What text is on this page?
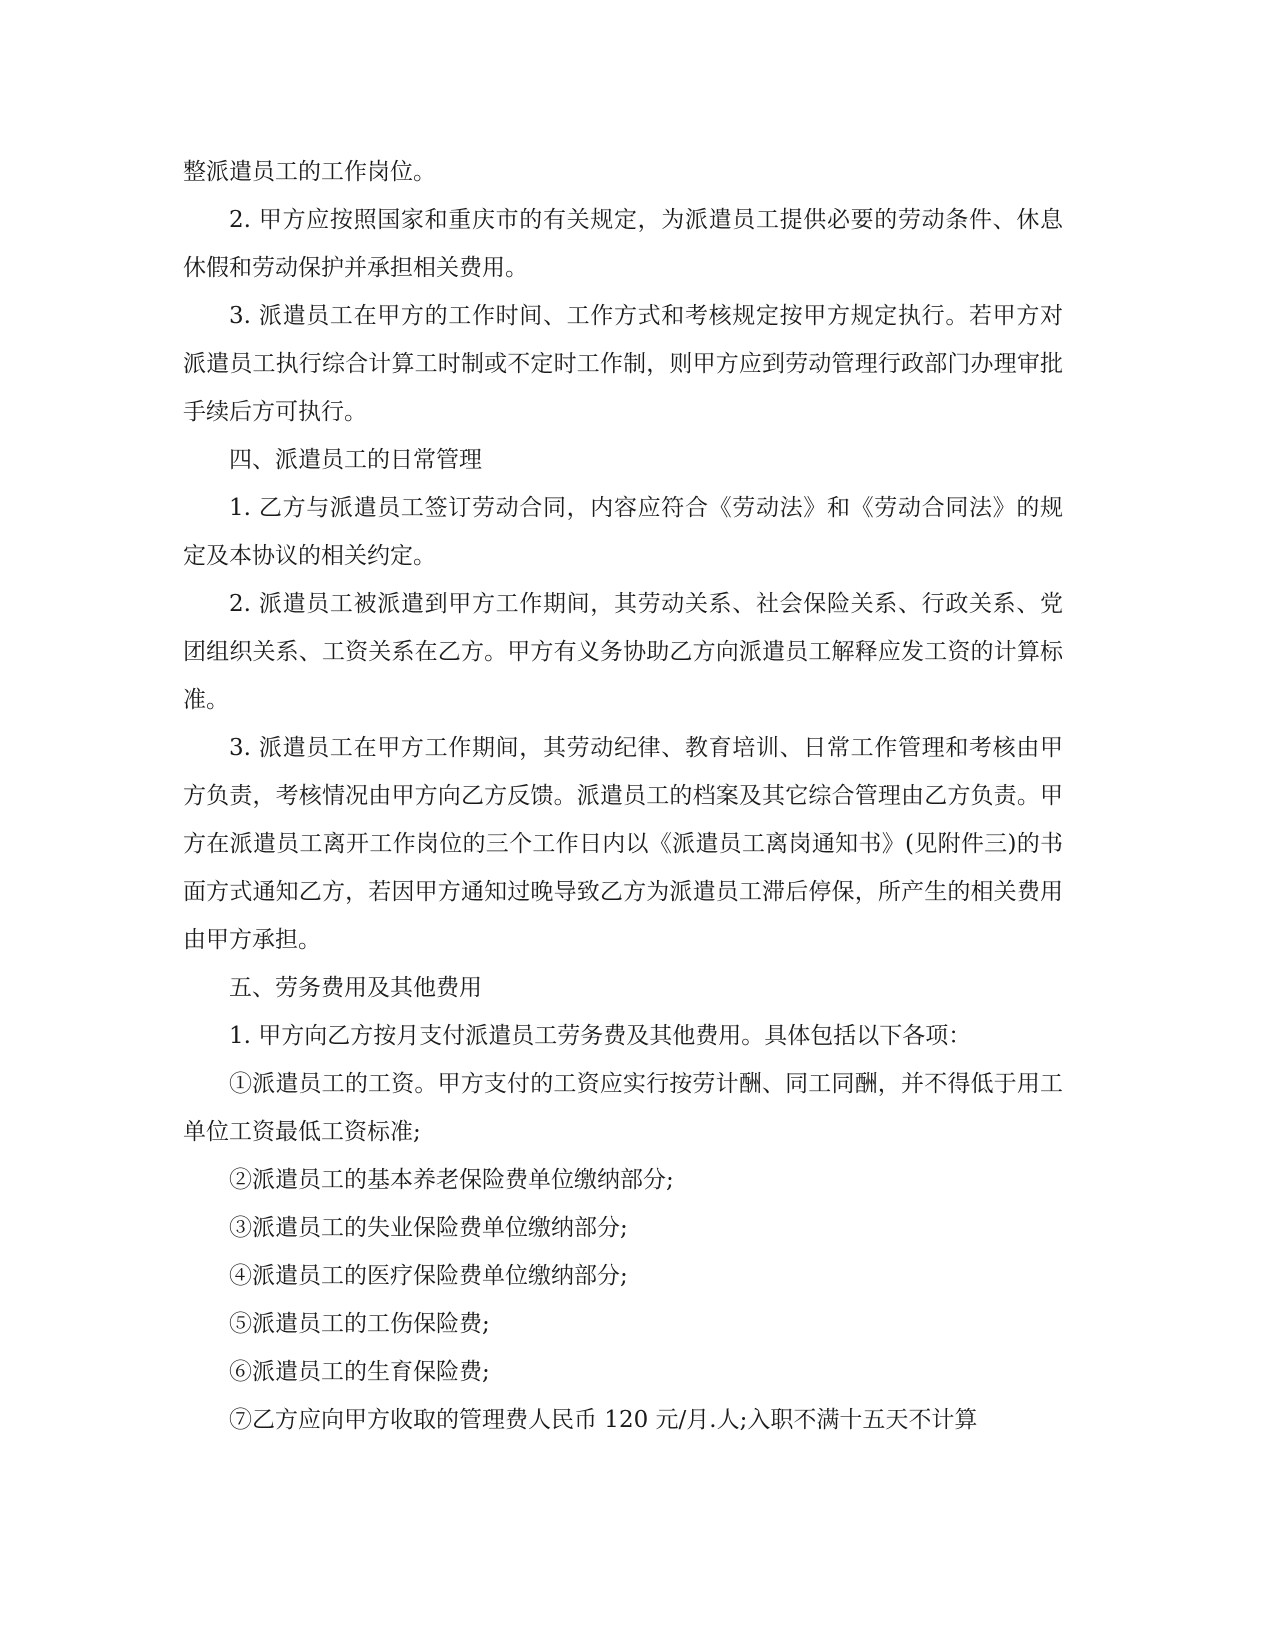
整派遣员工的工作岗位。

2. 甲方应按照国家和重庆市的有关规定，为派遣员工提供必要的劳动条件、休息休假和劳动保护并承担相关费用。

3. 派遣员工在甲方的工作时间、工作方式和考核规定按甲方规定执行。若甲方对派遣员工执行综合计算工时制或不定时工作制，则甲方应到劳动管理行政部门办理审批手续后方可执行。

四、派遣员工的日常管理

1. 乙方与派遣员工签订劳动合同，内容应符合《劳动法》和《劳动合同法》的规定及本协议的相关约定。

2. 派遣员工被派遣到甲方工作期间，其劳动关系、社会保险关系、行政关系、党团组织关系、工资关系在乙方。甲方有义务协助乙方向派遣员工解释应发工资的计算标准。

3. 派遣员工在甲方工作期间，其劳动纪律、教育培训、日常工作管理和考核由甲方负责，考核情况由甲方向乙方反馈。派遣员工的档案及其它综合管理由乙方负责。甲方在派遣员工离开工作岗位的三个工作日内以《派遣员工离岗通知书》(见附件三)的书面方式通知乙方，若因甲方通知过晚导致乙方为派遣员工滞后停保，所产生的相关费用由甲方承担。

五、劳务费用及其他费用

1. 甲方向乙方按月支付派遣员工劳务费及其他费用。具体包括以下各项：

①派遣员工的工资。甲方支付的工资应实行按劳计酬、同工同酬，并不得低于用工单位工资最低工资标准;

②派遣员工的基本养老保险费单位缴纳部分;

③派遣员工的失业保险费单位缴纳部分;

④派遣员工的医疗保险费单位缴纳部分;

⑤派遣员工的工伤保险费;

⑥派遣员工的生育保险费;

⑦乙方应向甲方收取的管理费人民币 120 元/月.人;入职不满十五天不计算
